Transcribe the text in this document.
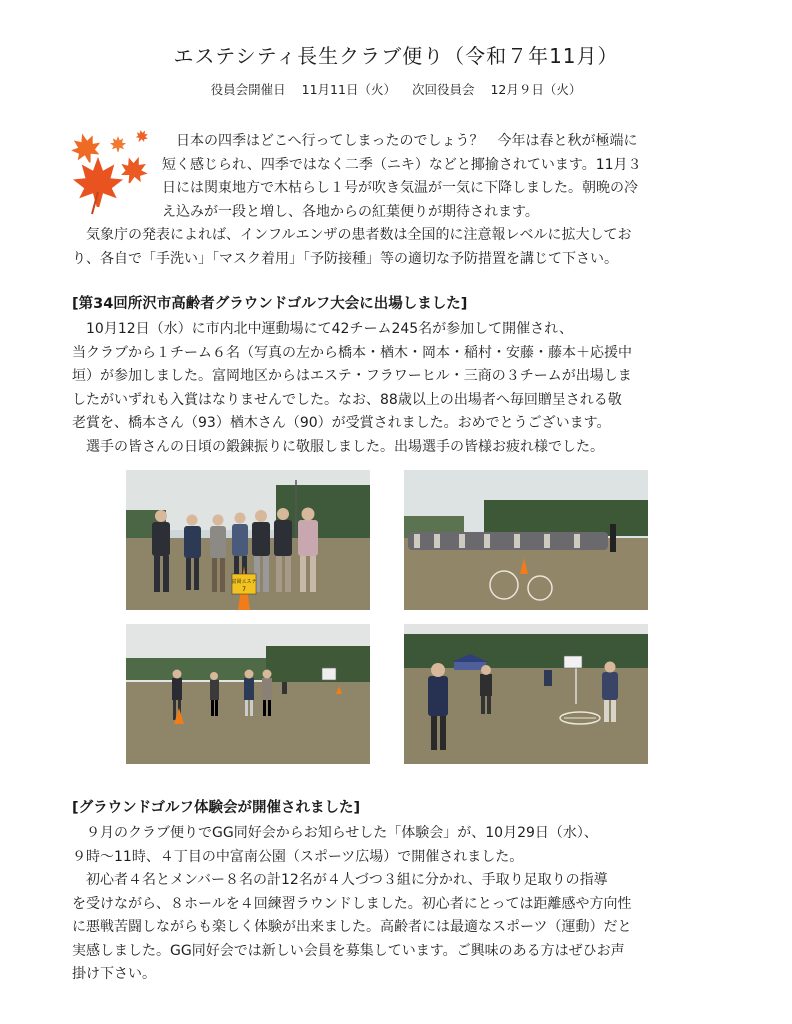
エステシティ長生クラブ便り（令和７年11月）
役員会開催日 11月11日（火） 次回役員会 12月９日（火）
日本の四季はどこへ行ってしまったのでしょう？　今年は春と秋が極端に
短く感じられ、四季ではなく二季（ニキ）などと揶揄されています。11月３
日には関東地方で木枯らし１号が吹き気温が一気に下降しました。朝晩の冷
え込みが一段と増し、各地からの紅葉便りが期待されます。
　気象庁の発表によれば、インフルエンザの患者数は全国的に注意報レベルに拡大してお
り、各自で「手洗い」「マスク着用」「予防接種」等の適切な予防措置を講じて下さい。
[第34回所沢市高齢者グラウンドゴルフ大会に出場しました]
　10月12日（水）に市内北中運動場にて42チーム245名が参加して開催され、
当クラブから１チーム６名（写真の左から橋本・楢木・岡本・稲村・安藤・藤本＋応援中
垣）が参加しました。富岡地区からはエステ・フラワーヒル・三商の３チームが出場しま
したがいずれも入賞はなりませんでした。なお、88歳以上の出場者へ毎回贈呈される敬
老賞を、橋本さん（93）楢木さん（90）が受賞されました。おめでとうございます。
　選手の皆さんの日頃の鍛錬振りに敬服しました。出場選手の皆様お疲れ様でした。
富岡エステ
7
[グラウンドゴルフ体験会が開催されました]
　９月のクラブ便りでGG同好会からお知らせした「体験会」が、10月29日（水）、
９時〜11時、４丁目の中富南公園（スポーツ広場）で開催されました。
　初心者４名とメンバー８名の計12名が４人づつ３組に分かれ、手取り足取りの指導
を受けながら、８ホールを４回練習ラウンドしました。初心者にとっては距離感や方向性
に悪戦苦闘しながらも楽しく体験が出来ました。高齢者には最適なスポーツ（運動）だと
実感しました。GG同好会では新しい会員を募集しています。ご興味のある方はぜひお声
掛け下さい。
